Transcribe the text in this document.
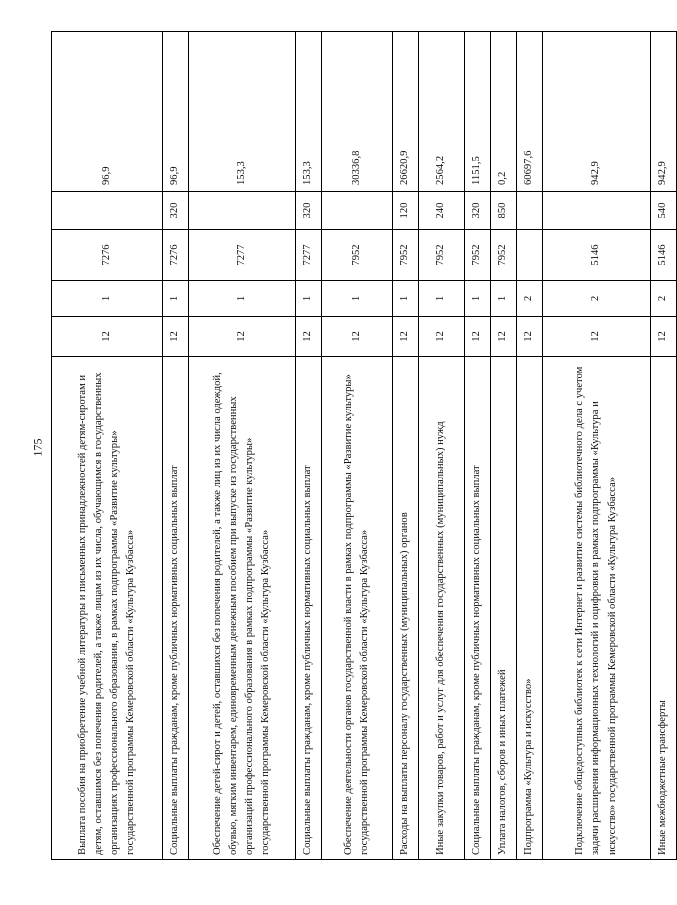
175	Выплата пособия на приобретение учебной литературы и письменных принадлежностей детям-сиротам и детям, оставшимся без попечения родителей, а также лицам из их числа, обучающимся в государственных организациях профессионального образования, в рамках подпрограммы «Развитие культуры» государственной программы Кемеровской области «Культура Кузбасса»	12	1	7276		96,9
Социальные выплаты гражданам, кроме публичных нормативных социальных выплат	12	1	7276	320	96,9
Обеспечение детей-сирот и детей, оставшихся без попечения родителей, а также лиц из их числа одеждой, обувью, мягким инвентарем, единовременным денежным пособием при выпуске из государственных организаций профессионального образования в рамках подпрограммы «Развитие культуры» государственной программы Кемеровской области «Культура Кузбасса»	12	1	7277		153,3
Социальные выплаты гражданам, кроме публичных нормативных социальных выплат	12	1	7277	320	153,3
Обеспечение деятельности органов государственной власти в рамках подпрограммы «Развитие культуры» государственной программы Кемеровской области «Культура Кузбасса»	12	1	7952		30336,8
Расходы на выплаты персоналу государственных (муниципальных) органов	12	1	7952	120	26620,9
Иные закупки товаров, работ и услуг для обеспечения государственных (муниципальных) нужд	12	1	7952	240	2564,2
Социальные выплаты гражданам, кроме публичных нормативных социальных выплат	12	1	7952	320	1151,5
Уплата налогов, сборов и иных платежей	12	1	7952	850	0,2
Подпрограмма «Культура и искусство»	12	2			60697,6
Подключение общедоступных библиотек к сети Интернет и развитие системы библиотечного дела с учетом задачи расширения информационных технологий и оцифровки в рамках подпрограммы «Культура и искусство» государственной программы Кемеровской области «Культура Кузбасса»	12	2	5146		942,9
Иные межбюджетные трансферты	12	2	5146	540	942,9
